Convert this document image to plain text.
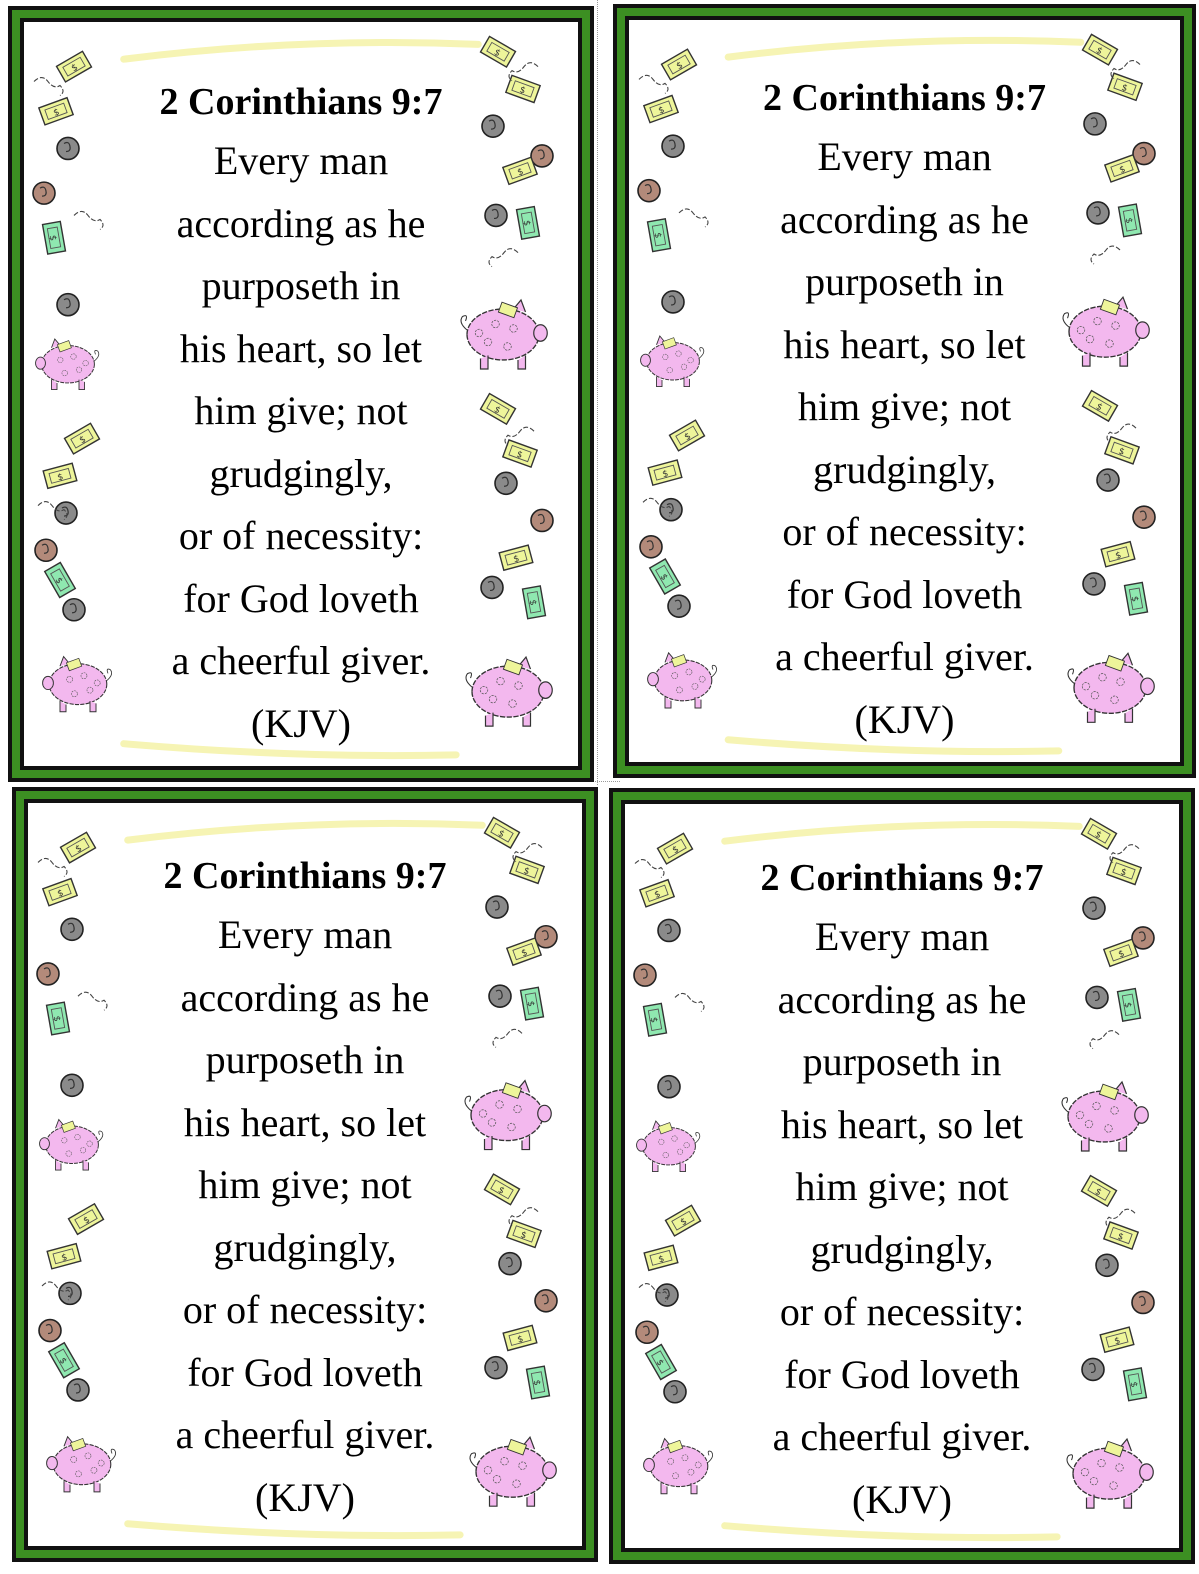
$
$
$
$
$
$
$
$
$
$
$
$
$
$
2 Corinthians 9:7
Every man
according as he
purposeth in
his heart, so let
him give; not
grudgingly,
or of necessity:
for God loveth
a cheerful giver.
(KJV)
$
$
$
$
$
$
$
$
$
$
$
$
$
$
2 Corinthians 9:7
Every man
according as he
purposeth in
his heart, so let
him give; not
grudgingly,
or of necessity:
for God loveth
a cheerful giver.
(KJV)
$
$
$
$
$
$
$
$
$
$
$
$
$
$
2 Corinthians 9:7
Every man
according as he
purposeth in
his heart, so let
him give; not
grudgingly,
or of necessity:
for God loveth
a cheerful giver.
(KJV)
$
$
$
$
$
$
$
$
$
$
$
$
$
$
2 Corinthians 9:7
Every man
according as he
purposeth in
his heart, so let
him give; not
grudgingly,
or of necessity:
for God loveth
a cheerful giver.
(KJV)
